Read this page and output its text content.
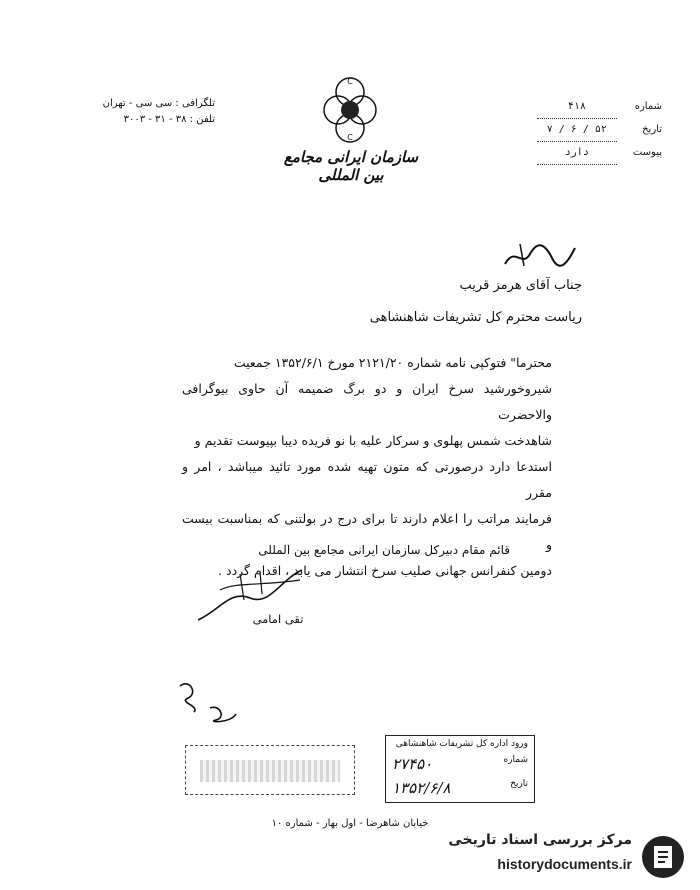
تلگرافی : سی سی - تهران
تلفن : ۳۸ - ۳۱ - ۳۰۰۳
C
C
سازمان ایرانی مجامع بین المللی
شماره ۴۱۸
تاریخ ۵۲ / ۶ / ۷
پیوست دارد
جناب آقای هرمز قریب
ریاست محترم کل تشریفات شاهنشاهی
محترما" فتوکپی نامه شماره ۲۱۲۱/۲۰ مورخ ۱۳۵۲/۶/۱ جمعیت
شیروخورشید سرخ ایران و دو برگ ضمیمه آن حاوی بیوگرافی والاحضرت
شاهدخت شمس پهلوی و سرکار علیه با نو فریده دیبا بپیوست تقدیم و
استدعا دارد درصورتی که متون تهیه شده مورد تائید میباشد ، امر و مقرر
فرمایند مراتب را اعلام دارند تا برای درج در بولتنی که بمناسبت بیست و
دومین کنفرانس جهانی صلیب سرخ انتشار می یابد ، اقدام گردد .
قائم مقام دبیرکل سازمان ایرانی مجامع بین المللی
تقی امامی
ورود اداره کل تشریفات شاهنشاهی
شماره
۲۷۴۵۰
تاریخ
۱۳۵۲/۶/۸
خیابان شاهرضا - اول بهار - شماره ۱۰
مرکز بررسی اسناد تاریخی
historydocuments.ir
